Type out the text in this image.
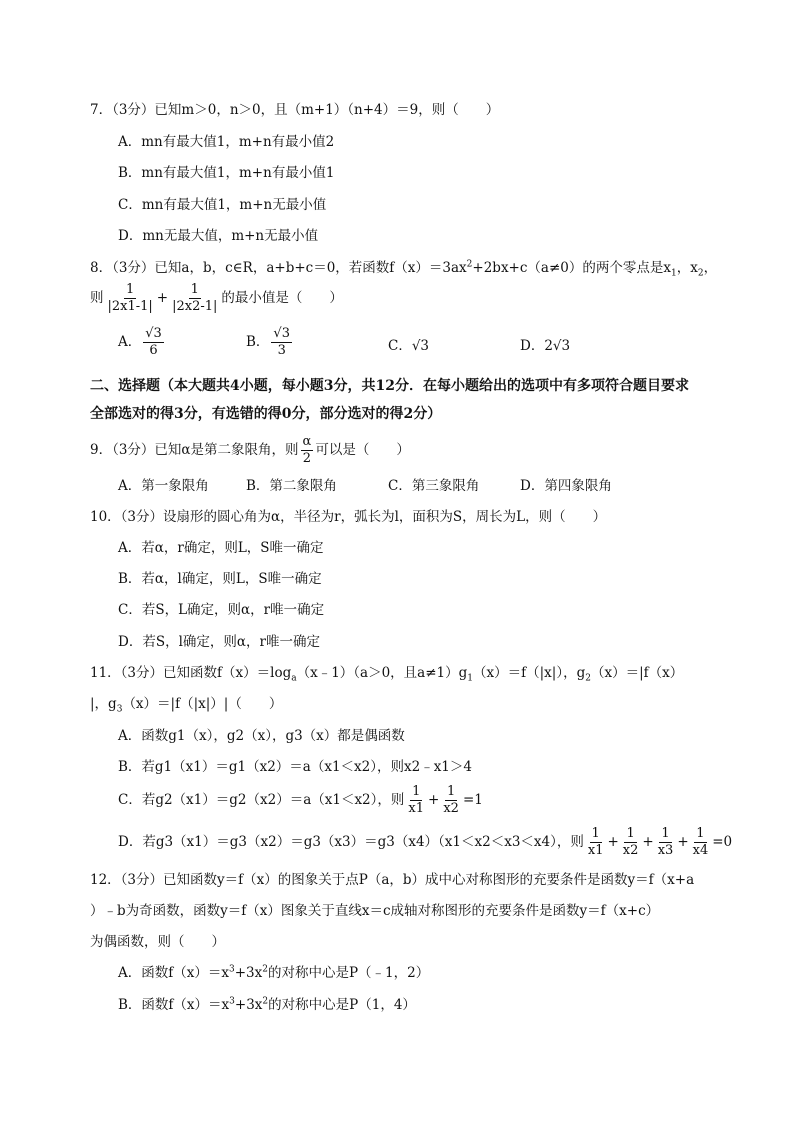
7．（3分）已知m＞0，n＞0，且（m+1）（n+4）＝9，则（　　）
A．mn有最大值1，m+n有最小值2
B．mn有最大值1，m+n有最小值1
C．mn有最大值1，m+n无最小值
D．mn无最大值，m+n无最小值
8．（3分）已知a，b，c∈R，a+b+c＝0，若函数$f(x)=3ax^2+2bx+c(a\ne 0)$的两个零点是$x_1$，$x_2$，
则 $\frac{1}{|2x1-1|} + \frac{1}{|2x2-1|}$ 的最小值是（　　）
A． $\frac{√3}{6}$	B． $\frac{√3}{3}$	C．√3	D．2√3
二、选择题（本大题共4小题，每小题3分，共12分．在每小题给出的选项中有多项符合题目要求
全部选对的得3分，有选错的得0分，部分选对的得2分）
9．（3分）已知α是第二象限角，则 $\frac{\alpha}{2}$ 可以是（　　）
A．第一象限角	B．第二象限角	C．第三象限角	D．第四象限角
10．（3分）设扇形的圆心角为α，半径为r，弧长为l，面积为S，周长为L，则（　　）
A．若α，r确定，则L，S唯一确定
B．若α，l确定，则L，S唯一确定
C．若S，L确定，则α，r唯一确定
D．若S，l确定，则α，r唯一确定
11．（3分）已知函数$f(x)=\log_a(x﹣1)(a>0$，且$a\ne 1)g_1(x)=f(|x|)$，$g_2(x)=|f(x)$
|，$g_3(x)=|f(|x|)|$（　　）
A．函数g1（x），g2（x），g3（x）都是偶函数
B．若g1（x1）＝g1（x2）＝a（x1＜x2），则x2﹣x1＞4
C．若g2（x1）＝g2（x2）＝a（x1＜x2），则 $\frac{1}{x1} + \frac{1}{x2} =1$
D．若g3（x1）＝g3（x2）＝g3（x3）＝g3（x4）（x1＜x2＜x3＜x4），则 $\frac{1}{x1} + \frac{1}{x2} + \frac{1}{x3} + \frac{1}{x4} =0$
12．（3分）已知函数y＝f（x）的图象关于点P（a，b）成中心对称图形的充要条件是函数y＝f（x+a
）﹣b为奇函数，函数y＝f（x）图象关于直线x＝c成轴对称图形的充要条件是函数y＝f（x+c）
为偶函数，则（　　）
A．函数$f(x)=x^3+3x^2$的对称中心是P（﹣1，2）
B．函数$f(x)=x^3+3x^2$的对称中心是P（1，4）
